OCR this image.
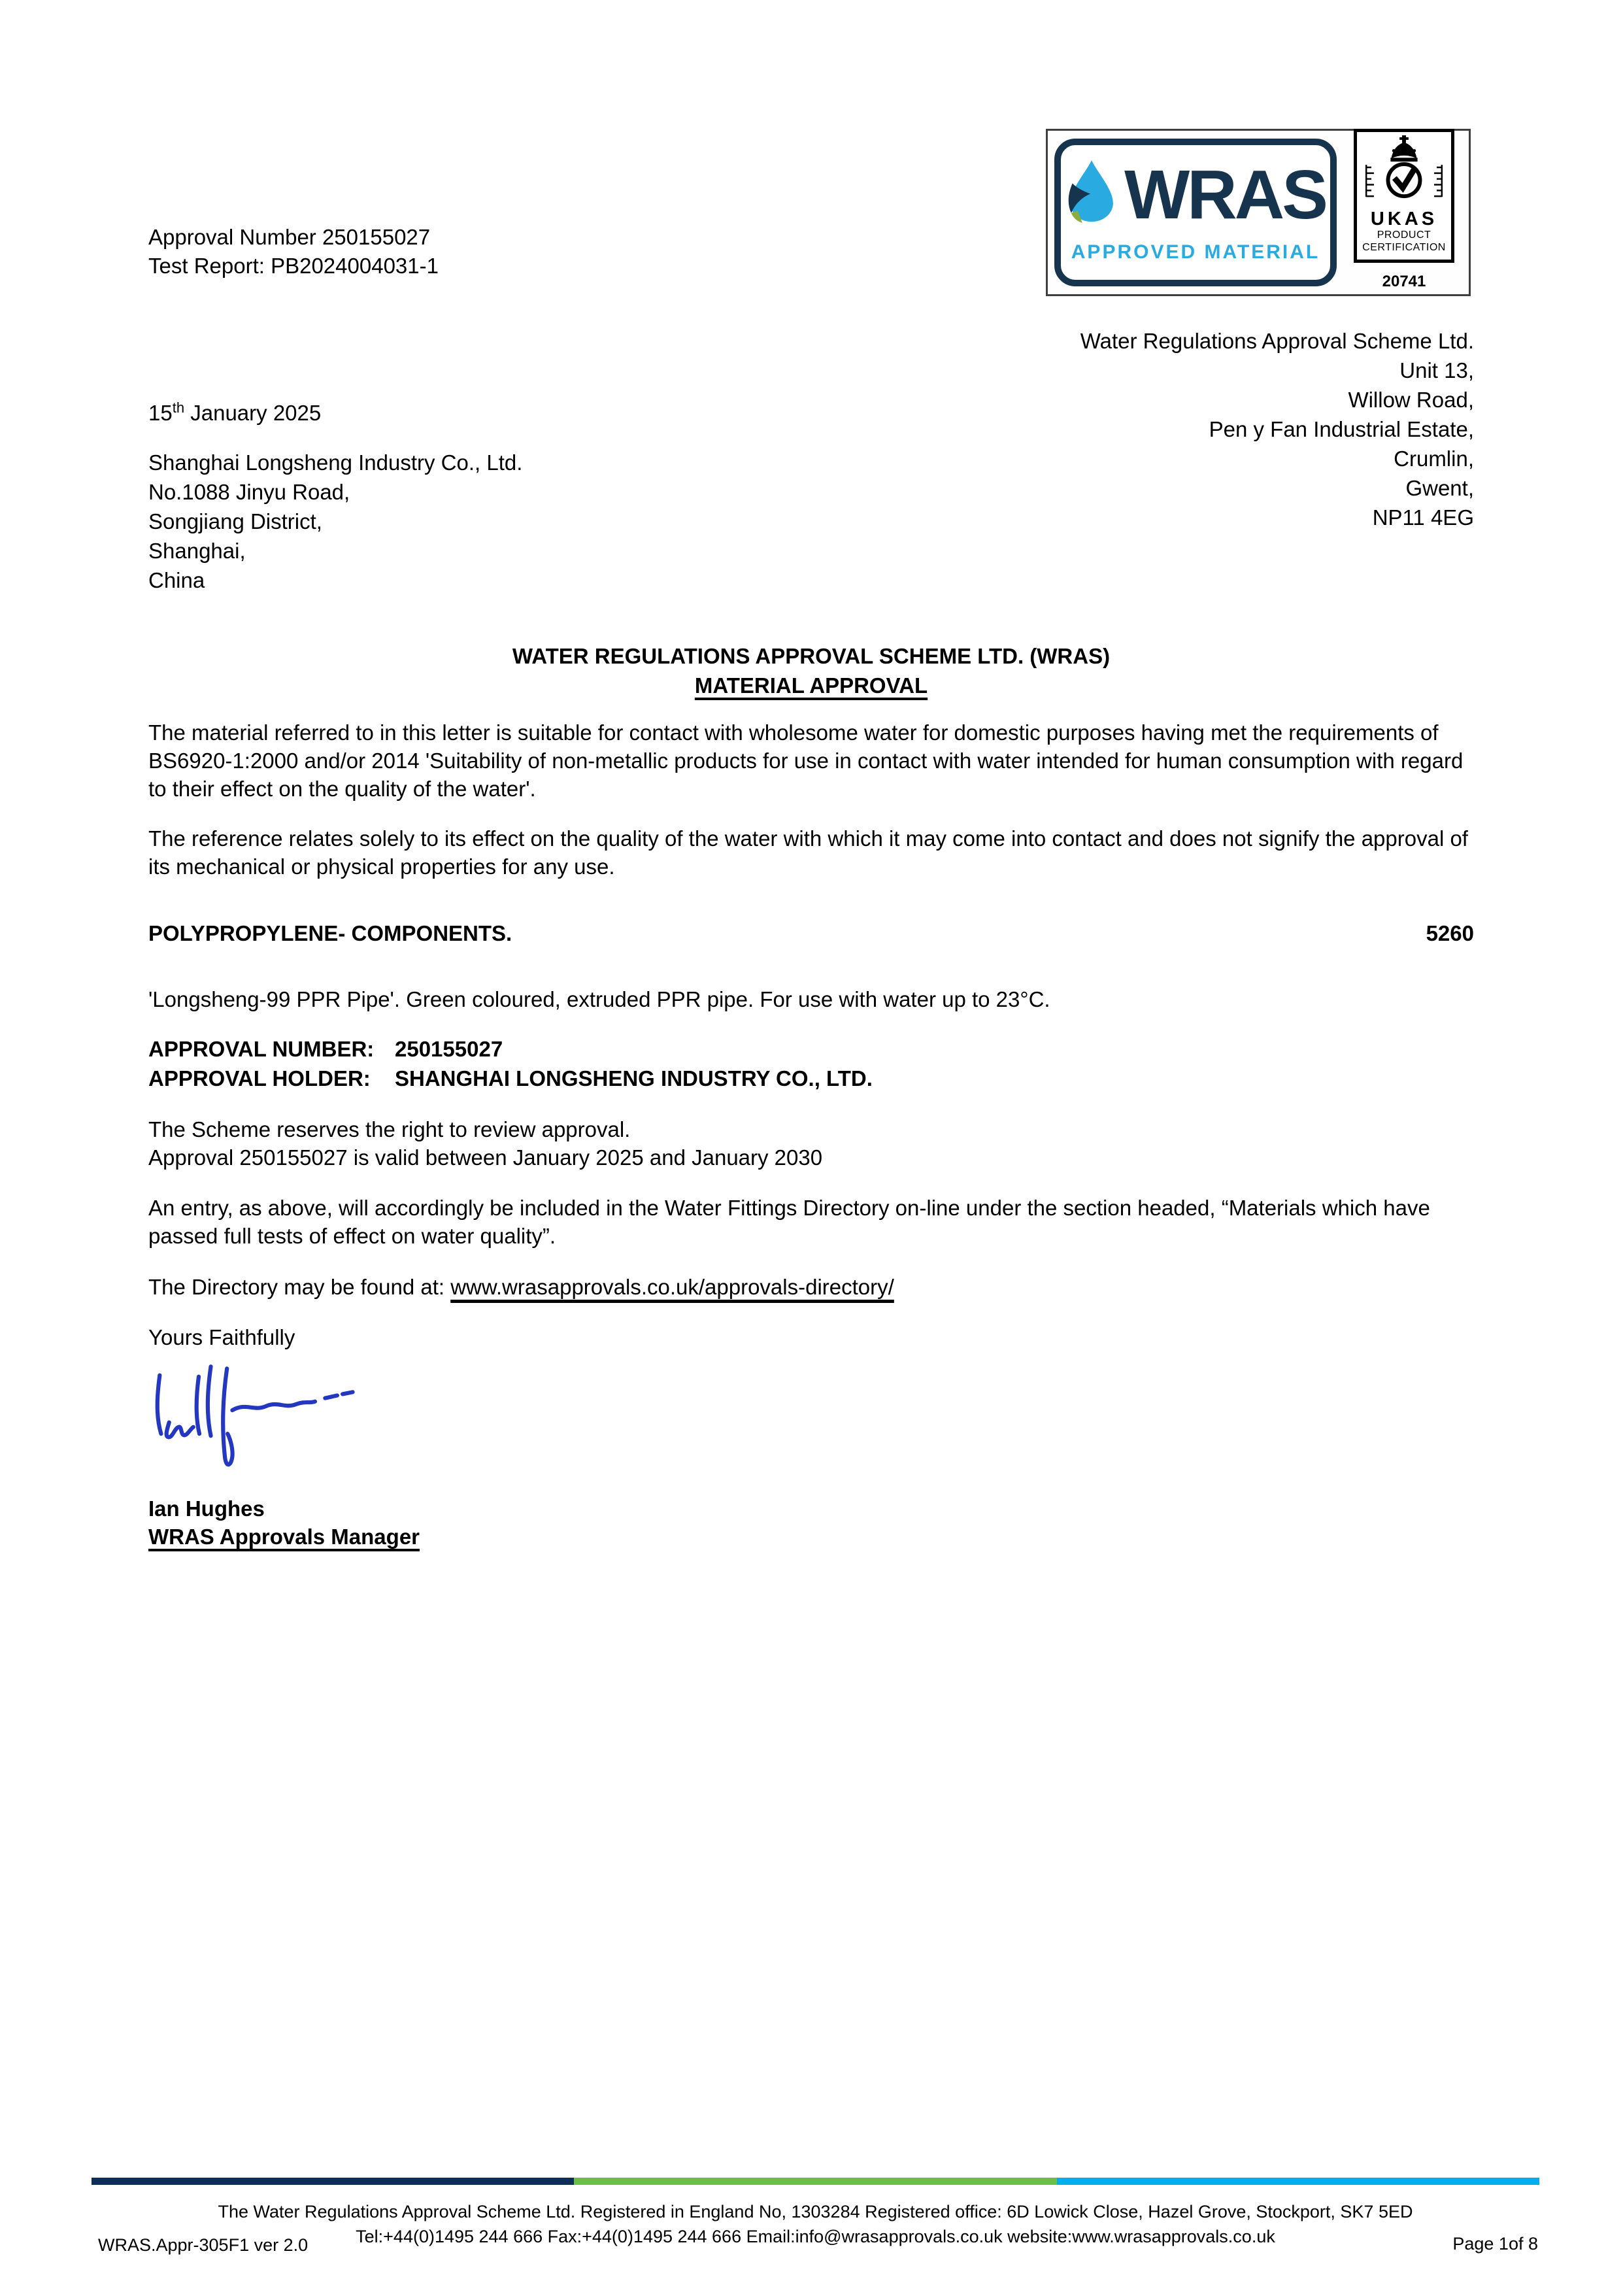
Approval Number 250155027
Test Report: PB2024004031-1
WRAS
APPROVED MATERIAL
UKAS
PRODUCT
CERTIFICATION
20741
Water Regulations Approval Scheme Ltd.
Unit 13,
Willow Road,
Pen y Fan Industrial Estate,
Crumlin,
Gwent,
NP11 4EG
15th January 2025
Shanghai Longsheng Industry Co., Ltd.
No.1088 Jinyu Road,
Songjiang District,
Shanghai,
China
WATER REGULATIONS APPROVAL SCHEME LTD. (WRAS)
MATERIAL APPROVAL
The material referred to in this letter is suitable for contact with wholesome water for domestic purposes having met the requirements of BS6920-1:2000 and/or 2014 'Suitability of non-metallic products for use in contact with water intended for human consumption with regard to their effect on the quality of the water'.
The reference relates solely to its effect on the quality of the water with which it may come into contact and does not signify the approval of its mechanical or physical properties for any use.
POLYPROPYLENE- COMPONENTS.	5260
'Longsheng-99 PPR Pipe'. Green coloured, extruded PPR pipe. For use with water up to 23°C.
APPROVAL NUMBER: 250155027
APPROVAL HOLDER: SHANGHAI LONGSHENG INDUSTRY CO., LTD.
The Scheme reserves the right to review approval.
Approval 250155027 is valid between January 2025 and January 2030
An entry, as above, will accordingly be included in the Water Fittings Directory on-line under the section headed, “Materials which have passed full tests of effect on water quality”.
The Directory may be found at: www.wrasapprovals.co.uk/approvals-directory/
Yours Faithfully
Ian Hughes
WRAS Approvals Manager
The Water Regulations Approval Scheme Ltd. Registered in England No, 1303284 Registered office: 6D Lowick Close, Hazel Grove, Stockport, SK7 5ED
Tel:+44(0)1495 244 666 Fax:+44(0)1495 244 666 Email:info@wrasapprovals.co.uk website:www.wrasapprovals.co.uk
WRAS.Appr-305F1 ver 2.0	Page 1of 8
